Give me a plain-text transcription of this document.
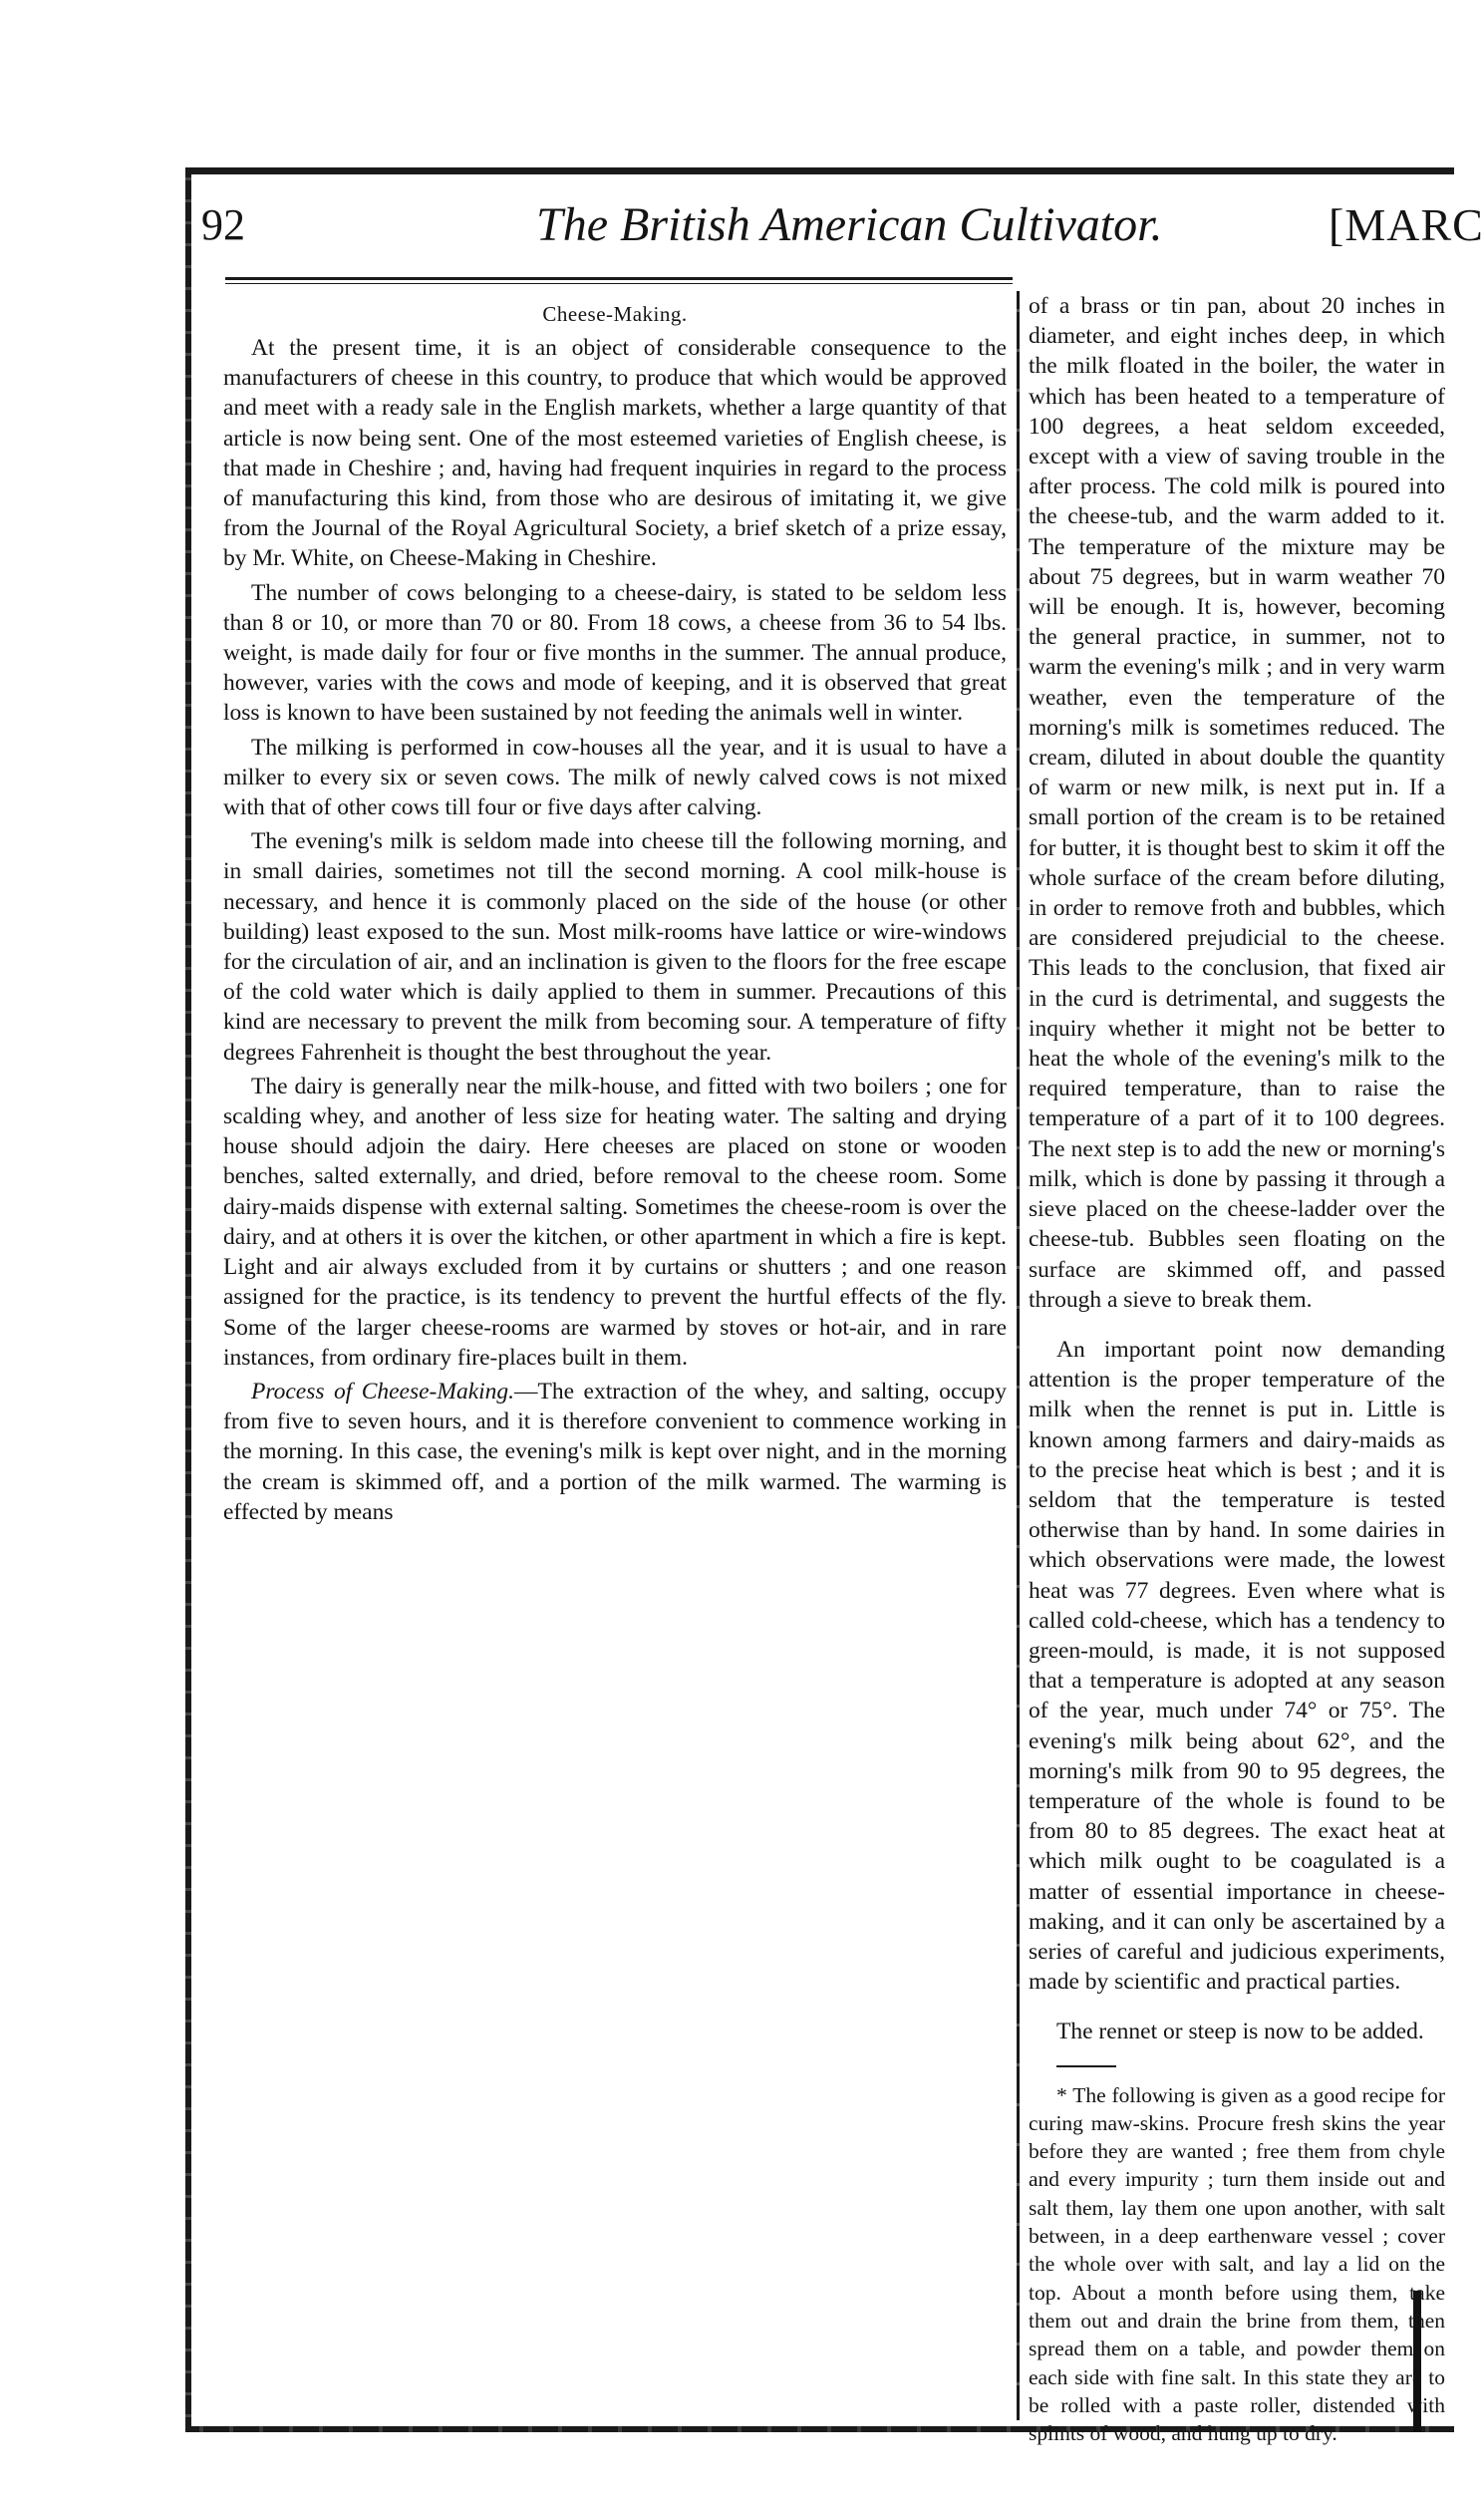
92	The British American Cultivator.	[MARC
Cheese-Making.

At the present time, it is an object of considerable consequence to the manufacturers of cheese in this country, to produce that which would be approved and meet with a ready sale in the English markets, whether a large quantity of that article is now being sent. One of the most esteemed varieties of English cheese, is that made in Cheshire ; and, having had frequent inquiries in regard to the process of manufacturing this kind, from those who are desirous of imitating it, we give from the Journal of the Royal Agricultural Society, a brief sketch of a prize essay, by Mr. White, on Cheese-Making in Cheshire.

The number of cows belonging to a cheese-dairy, is stated to be seldom less than 8 or 10, or more than 70 or 80. From 18 cows, a cheese from 36 to 54 lbs. weight, is made daily for four or five months in the summer. The annual produce, however, varies with the cows and mode of keeping, and it is observed that great loss is known to have been sustained by not feeding the animals well in winter.

The milking is performed in cow-houses all the year, and it is usual to have a milker to every six or seven cows. The milk of newly calved cows is not mixed with that of other cows till four or five days after calving.

The evening's milk is seldom made into cheese till the following morning, and in small dairies, sometimes not till the second morning. A cool milk-house is necessary, and hence it is commonly placed on the side of the house (or other building) least exposed to the sun. Most milk-rooms have lattice or wire-windows for the circulation of air, and an inclination is given to the floors for the free escape of the cold water which is daily applied to them in summer. Precautions of this kind are necessary to prevent the milk from becoming sour. A temperature of fifty degrees Fahrenheit is thought the best throughout the year.

The dairy is generally near the milk-house, and fitted with two boilers ; one for scalding whey, and another of less size for heating water. The salting and drying house should adjoin the dairy. Here cheeses are placed on stone or wooden benches, salted externally, and dried, before removal to the cheese room. Some dairy-maids dispense with external salting. Sometimes the cheese-room is over the dairy, and at others it is over the kitchen, or other apartment in which a fire is kept. Light and air always excluded from it by curtains or shutters ; and one reason assigned for the practice, is its tendency to prevent the hurtful effects of the fly. Some of the larger cheese-rooms are warmed by stoves or hot-air, and in rare instances, from ordinary fire-places built in them.

Process of Cheese-Making.—The extraction of the whey, and salting, occupy from five to seven hours, and it is therefore convenient to commence working in the morning. In this case, the evening's milk is kept over night, and in the morning the cream is skimmed off, and a portion of the milk warmed. The warming is effected by means

of a brass or tin pan, about 20 inches in diameter, and eight inches deep, in which the milk floated in the boiler, the water in which has been heated to a temperature of 100 degrees, a heat seldom exceeded, except with a view of saving trouble in the after process. The cold milk is poured into the cheese-tub, and the warm added to it. The temperature of the mixture may be about 75 degrees, but in warm weather 70 will be enough. It is, however, becoming the general practice, in summer, not to warm the evening's milk ; and in very warm weather, even the temperature of the morning's milk is sometimes reduced. The cream, diluted in about double the quantity of warm or new milk, is next put in. If a small portion of the cream is to be retained for butter, it is thought best to skim it off the whole surface of the cream before diluting, in order to remove froth and bubbles, which are considered prejudicial to the cheese. This leads to the conclusion, that fixed air in the curd is detrimental, and suggests the inquiry whether it might not be better to heat the whole of the evening's milk to the required temperature, than to raise the temperature of a part of it to 100 degrees. The next step is to add the new or morning's milk, which is done by passing it through a sieve placed on the cheese-ladder over the cheese-tub. Bubbles seen floating on the surface are skimmed off, and passed through a sieve to break them.

An important point now demanding attention is the proper temperature of the milk when the rennet is put in. Little is known among farmers and dairy-maids as to the precise heat which is best ; and it is seldom that the temperature is tested otherwise than by hand. In some dairies in which observations were made, the lowest heat was 77 degrees. Even where what is called cold-cheese, which has a tendency to green-mould, is made, it is not supposed that a temperature is adopted at any season of the year, much under 74° or 75°. The evening's milk being about 62°, and the morning's milk from 90 to 95 degrees, the temperature of the whole is found to be from 80 to 85 degrees. The exact heat at which milk ought to be coagulated is a matter of essential importance in cheese-making, and it can only be ascertained by a series of careful and judicious experiments, made by scientific and practical parties.

The rennet or steep is now to be added.

* The following is given as a good recipe for curing maw-skins. Procure fresh skins the year before they are wanted ; free them from chyle and every impurity ; turn them inside out and salt them, lay them one upon another, with salt between, in a deep earthenware vessel ; cover the whole over with salt, and lay a lid on the top. About a month before using them, take them out and drain the brine from them, then spread them on a table, and powder them on each side with fine salt. In this state they are to be rolled with a paste roller, distended with splints of wood, and hung up to dry.
